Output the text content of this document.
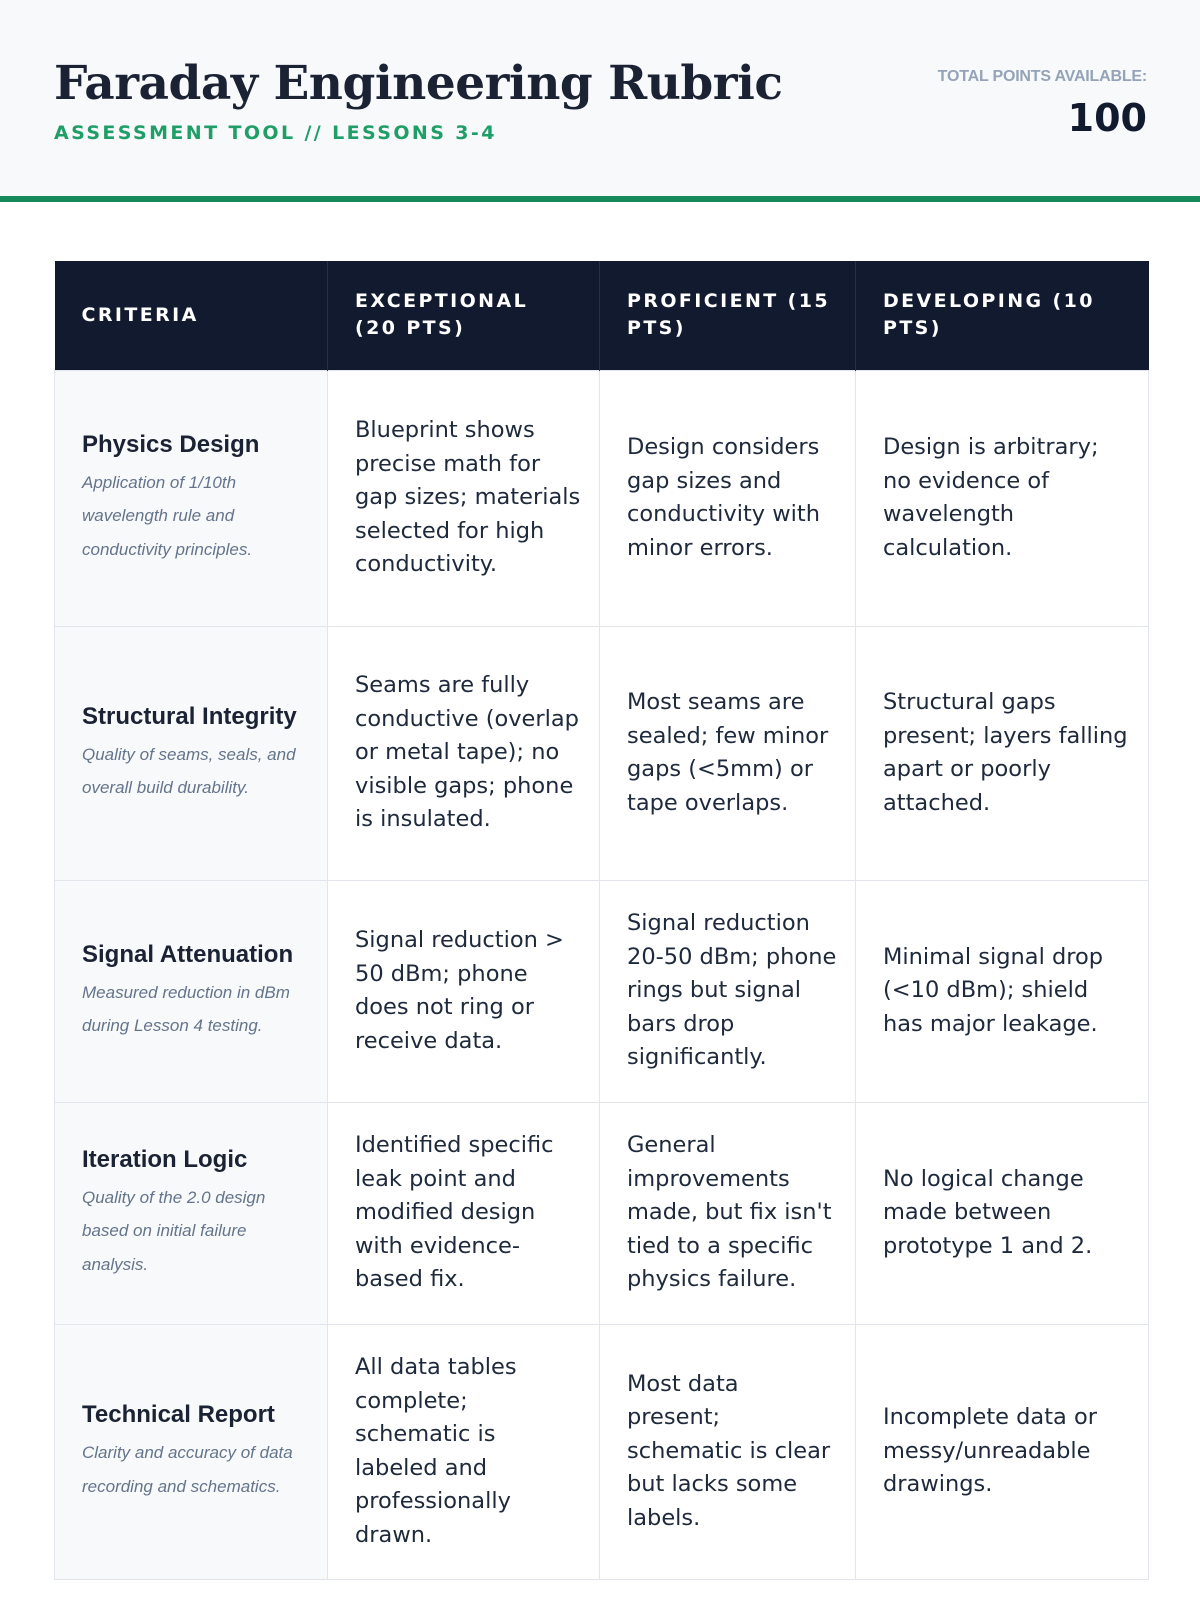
Faraday Engineering Rubric
ASSESSMENT TOOL // LESSONS 3-4
TOTAL POINTS AVAILABLE:
100
CRITERIA	EXCEPTIONAL (20 PTS)	PROFICIENT (15 PTS)	DEVELOPING (10 PTS)

Physics Design
Application of 1/10th wavelength rule and conductivity principles.	Blueprint shows precise math for gap sizes; materials selected for high conductivity.	Design considers gap sizes and conductivity with minor errors.	Design is arbitrary; no evidence of wavelength calculation.

Structural Integrity
Quality of seams, seals, and overall build durability.	Seams are fully conductive (overlap or metal tape); no visible gaps; phone is insulated.	Most seams are sealed; few minor gaps (<5mm) or tape overlaps.	Structural gaps present; layers falling apart or poorly attached.

Signal Attenuation
Measured reduction in dBm during Lesson 4 testing.	Signal reduction > 50 dBm; phone does not ring or receive data.	Signal reduction 20-50 dBm; phone rings but signal bars drop significantly.	Minimal signal drop (<10 dBm); shield has major leakage.

Iteration Logic
Quality of the 2.0 design based on initial failure analysis.	Identified specific leak point and modified design with evidence-based fix.	General improvements made, but fix isn't tied to a specific physics failure.	No logical change made between prototype 1 and 2.

Technical Report
Clarity and accuracy of data recording and schematics.	All data tables complete; schematic is labeled and professionally drawn.	Most data present; schematic is clear but lacks some labels.	Incomplete data or messy/unreadable drawings.
